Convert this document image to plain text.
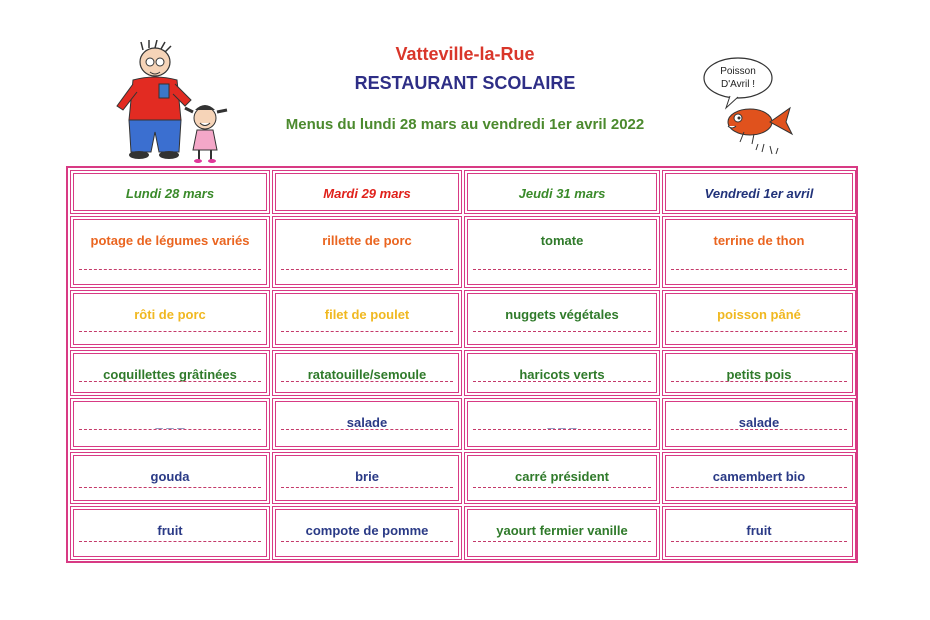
Vatteville-la-Rue
RESTAURANT SCOLAIRE
Menus du lundi 28 mars au vendredi 1er avril 2022
Poisson
D'Avril !
Lundi 28 mars	Mardi 29 mars	Jeudi 31 mars	Vendredi 1er avril
potage de légumes variés	rillette de porc	tomate	terrine de thon
rôti de porc	filet de poulet	nuggets végétales	poisson pâné
coquillettes grâtinées	ratatouille/semoule	haricots verts	petits pois
_ _ _	salade	_ _ _	salade
gouda	brie	carré président	camembert bio
fruit	compote de pomme	yaourt fermier vanille	fruit
